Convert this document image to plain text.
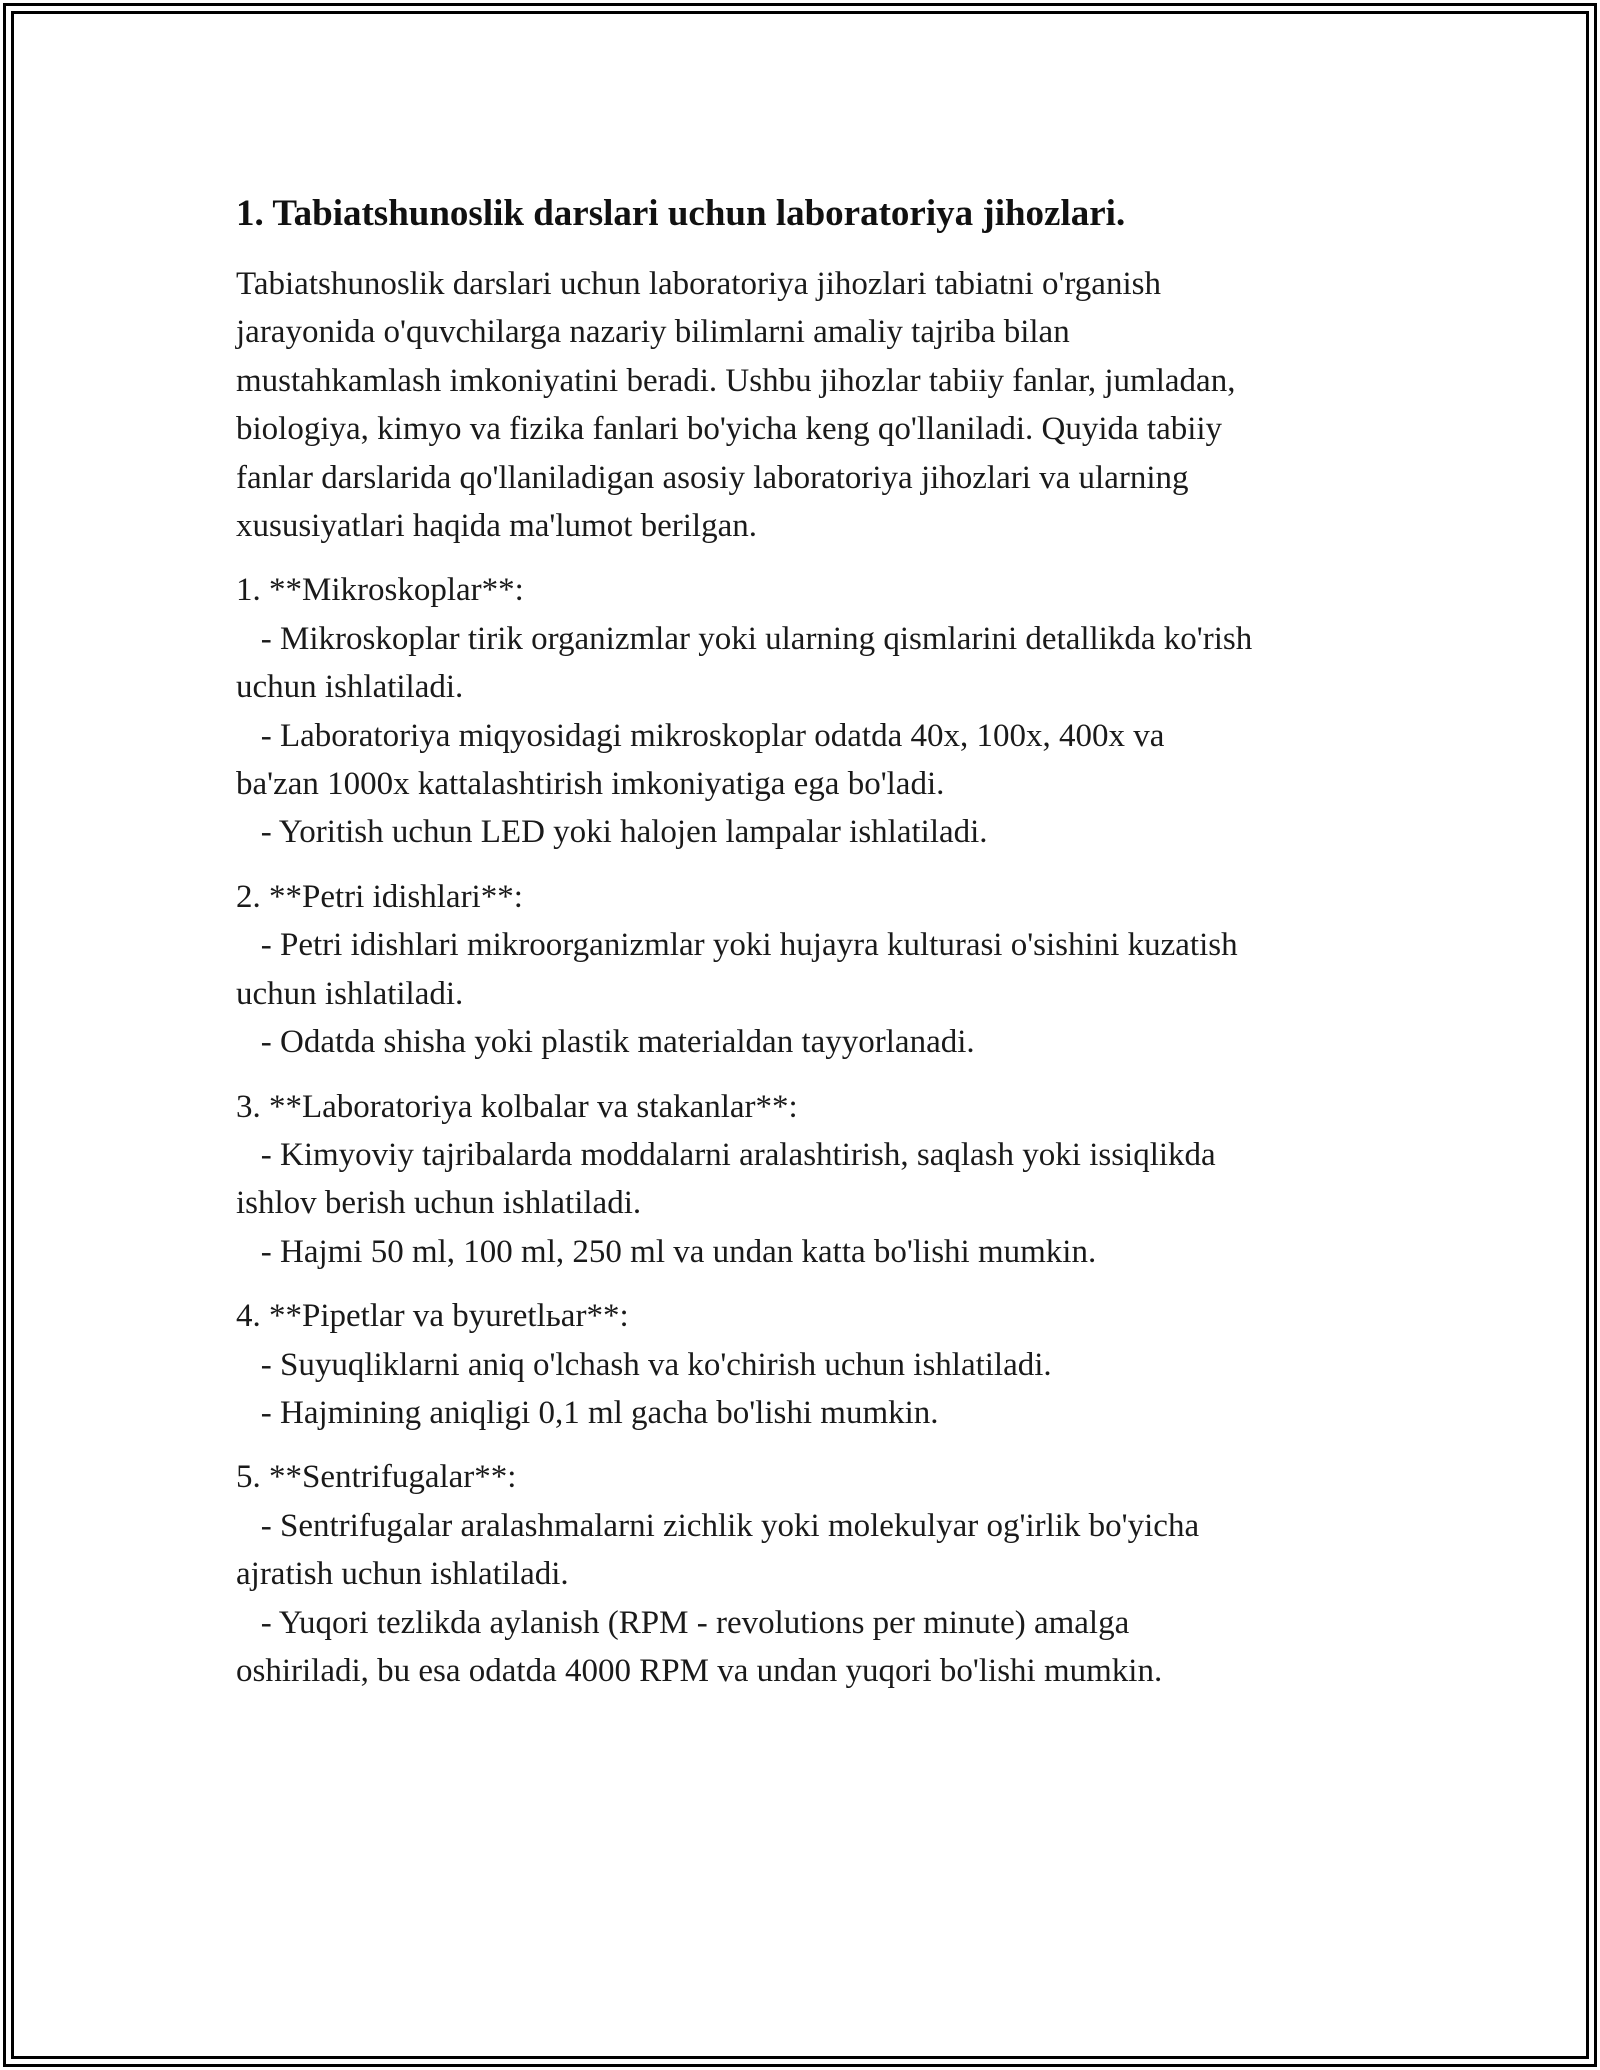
1. Tabiatshunoslik darslari uchun laboratoriya jihozlari.

Tabiatshunoslik darslari uchun laboratoriya jihozlari tabiatni o'rganish
jarayonida o'quvchilarga nazariy bilimlarni amaliy tajriba bilan
mustahkamlash imkoniyatini beradi. Ushbu jihozlar tabiiy fanlar, jumladan,
biologiya, kimyo va fizika fanlari bo'yicha keng qo'llaniladi. Quyida tabiiy
fanlar darslarida qo'llaniladigan asosiy laboratoriya jihozlari va ularning
xususiyatlari haqida ma'lumot berilgan.

1. **Mikroskoplar**:
- Mikroskoplar tirik organizmlar yoki ularning qismlarini detallikda ko'rish
uchun ishlatiladi.
- Laboratoriya miqyosidagi mikroskoplar odatda 40x, 100x, 400x va
ba'zan 1000x kattalashtirish imkoniyatiga ega bo'ladi.
- Yoritish uchun LED yoki halojen lampalar ishlatiladi.

2. **Petri idishlari**:
- Petri idishlari mikroorganizmlar yoki hujayra kulturasi o'sishini kuzatish
uchun ishlatiladi.
- Odatda shisha yoki plastik materialdan tayyorlanadi.

3. **Laboratoriya kolbalar va stakanlar**:
- Kimyoviy tajribalarda moddalarni aralashtirish, saqlash yoki issiqlikda
ishlov berish uchun ishlatiladi.
- Hajmi 50 ml, 100 ml, 250 ml va undan katta bo'lishi mumkin.

4. **Pipetlar va byuretlьar**:
- Suyuqliklarni aniq o'lchash va ko'chirish uchun ishlatiladi.
- Hajmining aniqligi 0,1 ml gacha bo'lishi mumkin.

5. **Sentrifugalar**:
- Sentrifugalar aralashmalarni zichlik yoki molekulyar og'irlik bo'yicha
ajratish uchun ishlatiladi.
- Yuqori tezlikda aylanish (RPM - revolutions per minute) amalga
oshiriladi, bu esa odatda 4000 RPM va undan yuqori bo'lishi mumkin.
